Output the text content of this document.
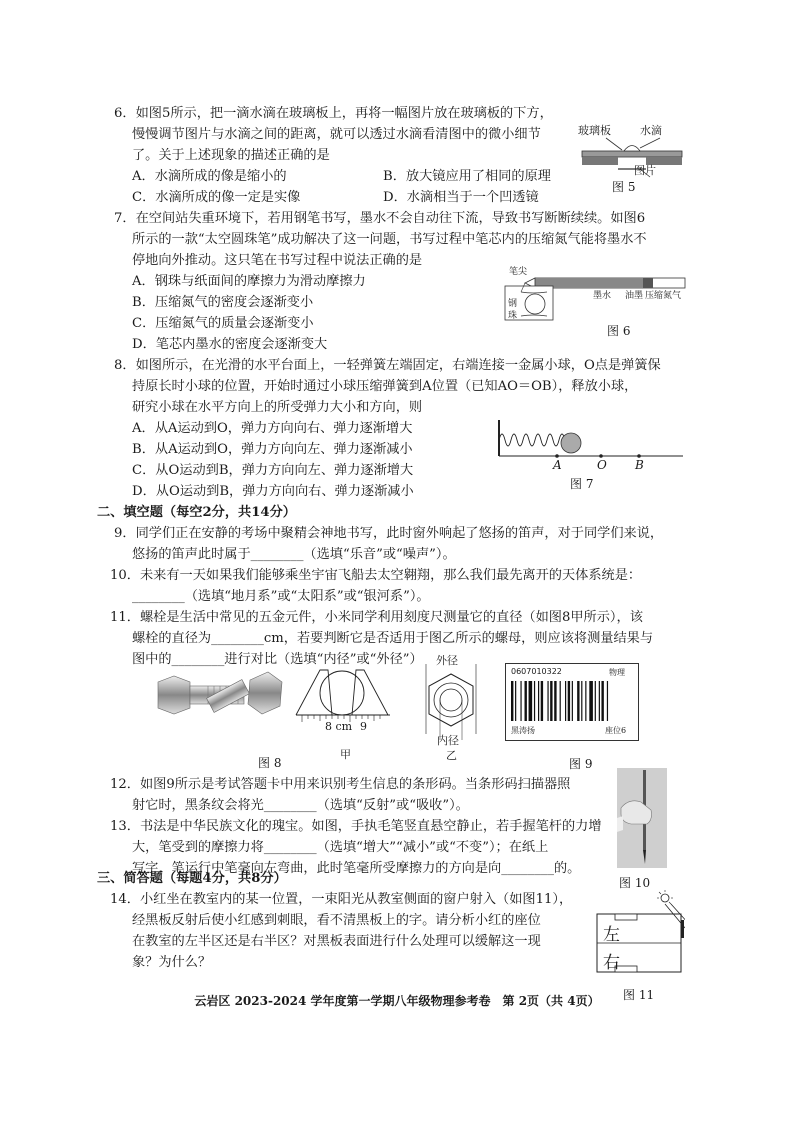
6．如图5所示，把一滴水滴在玻璃板上，再将一幅图片放在玻璃板的下方，
慢慢调节图片与水滴之间的距离，就可以透过水滴看清图中的微小细节
了。关于上述现象的描述正确的是
A．水滴所成的像是缩小的	B．放大镜应用了相同的原理
C．水滴所成的像一定是实像	D．水滴相当于一个凹透镜
玻璃板	水滴
图片
图 5
7．在空间站失重环境下，若用钢笔书写，墨水不会自动往下流，导致书写断断续续。如图6
所示的一款“太空圆珠笔”成功解决了这一问题，书写过程中笔芯内的压缩氮气能将墨水不
停地向外推动。这只笔在书写过程中说法正确的是
A．钢珠与纸面间的摩擦力为滑动摩擦力
B．压缩氮气的密度会逐渐变小
C．压缩氮气的质量会逐渐变小
D．笔芯内墨水的密度会逐渐变大
笔尖
钢
珠
墨水 油墨 压缩氮气
图 6
8．如图所示，在光滑的水平台面上，一轻弹簧左端固定，右端连接一金属小球，O点是弹簧保
持原长时小球的位置，开始时通过小球压缩弹簧到A位置（已知AO＝OB），释放小球，
研究小球在水平方向上的所受弹力大小和方向，则
A．从A运动到O，弹力方向向右、弹力逐渐增大
B．从A运动到O，弹力方向向左、弹力逐渐减小
C．从O运动到B，弹力方向向左、弹力逐渐增大
D．从O运动到B，弹力方向向右、弹力逐渐减小
A	O B
图 7
二、填空题（每空2分，共14分）
9．同学们正在安静的考场中聚精会神地书写，此时窗外响起了悠扬的笛声，对于同学们来说，
悠扬的笛声此时属于________（选填“乐音”或“噪声”）。
10．未来有一天如果我们能够乘坐宇宙飞船去太空翱翔，那么我们最先离开的天体系统是：
________（选填“地月系”或“太阳系”或“银河系”）。
11．螺栓是生活中常见的五金元件，小米同学利用刻度尺测量它的直径（如图8甲所示），该
螺栓的直径为________cm，若要判断它是否适用于图乙所示的螺母，则应该将测量结果与
图中的________进行对比（选填“内径”或“外径”）
8 cm 9
外径
内径
乙
甲
图 8
0607010322	物理
黑涛扬	座位6
图 9
12．如图9所示是考试答题卡中用来识别考生信息的条形码。当条形码扫描器照
射它时，黑条纹会将光________（选填“反射”或“吸收”）。
13．书法是中华民族文化的瑰宝。如图，手执毛笔竖直悬空静止，若手握笔杆的力增
大，笔受到的摩擦力将________（选填“增大”“减小”或“不变”）；在纸上
写字，笔运行中笔毫向左弯曲，此时笔毫所受摩擦力的方向是向________的。
图 10
三、简答题（每题4分，共8分）
14．小红坐在教室内的某一位置，一束阳光从教室侧面的窗户射入（如图11），
经黑板反射后使小红感到刺眼，看不清黑板上的字。请分析小红的座位
在教室的左半区还是右半区？对黑板表面进行什么处理可以缓解这一现
象？为什么？
左
右
图 11
云岩区 2023-2024 学年度第一学期八年级物理参考卷　第 2页（共 4页）
